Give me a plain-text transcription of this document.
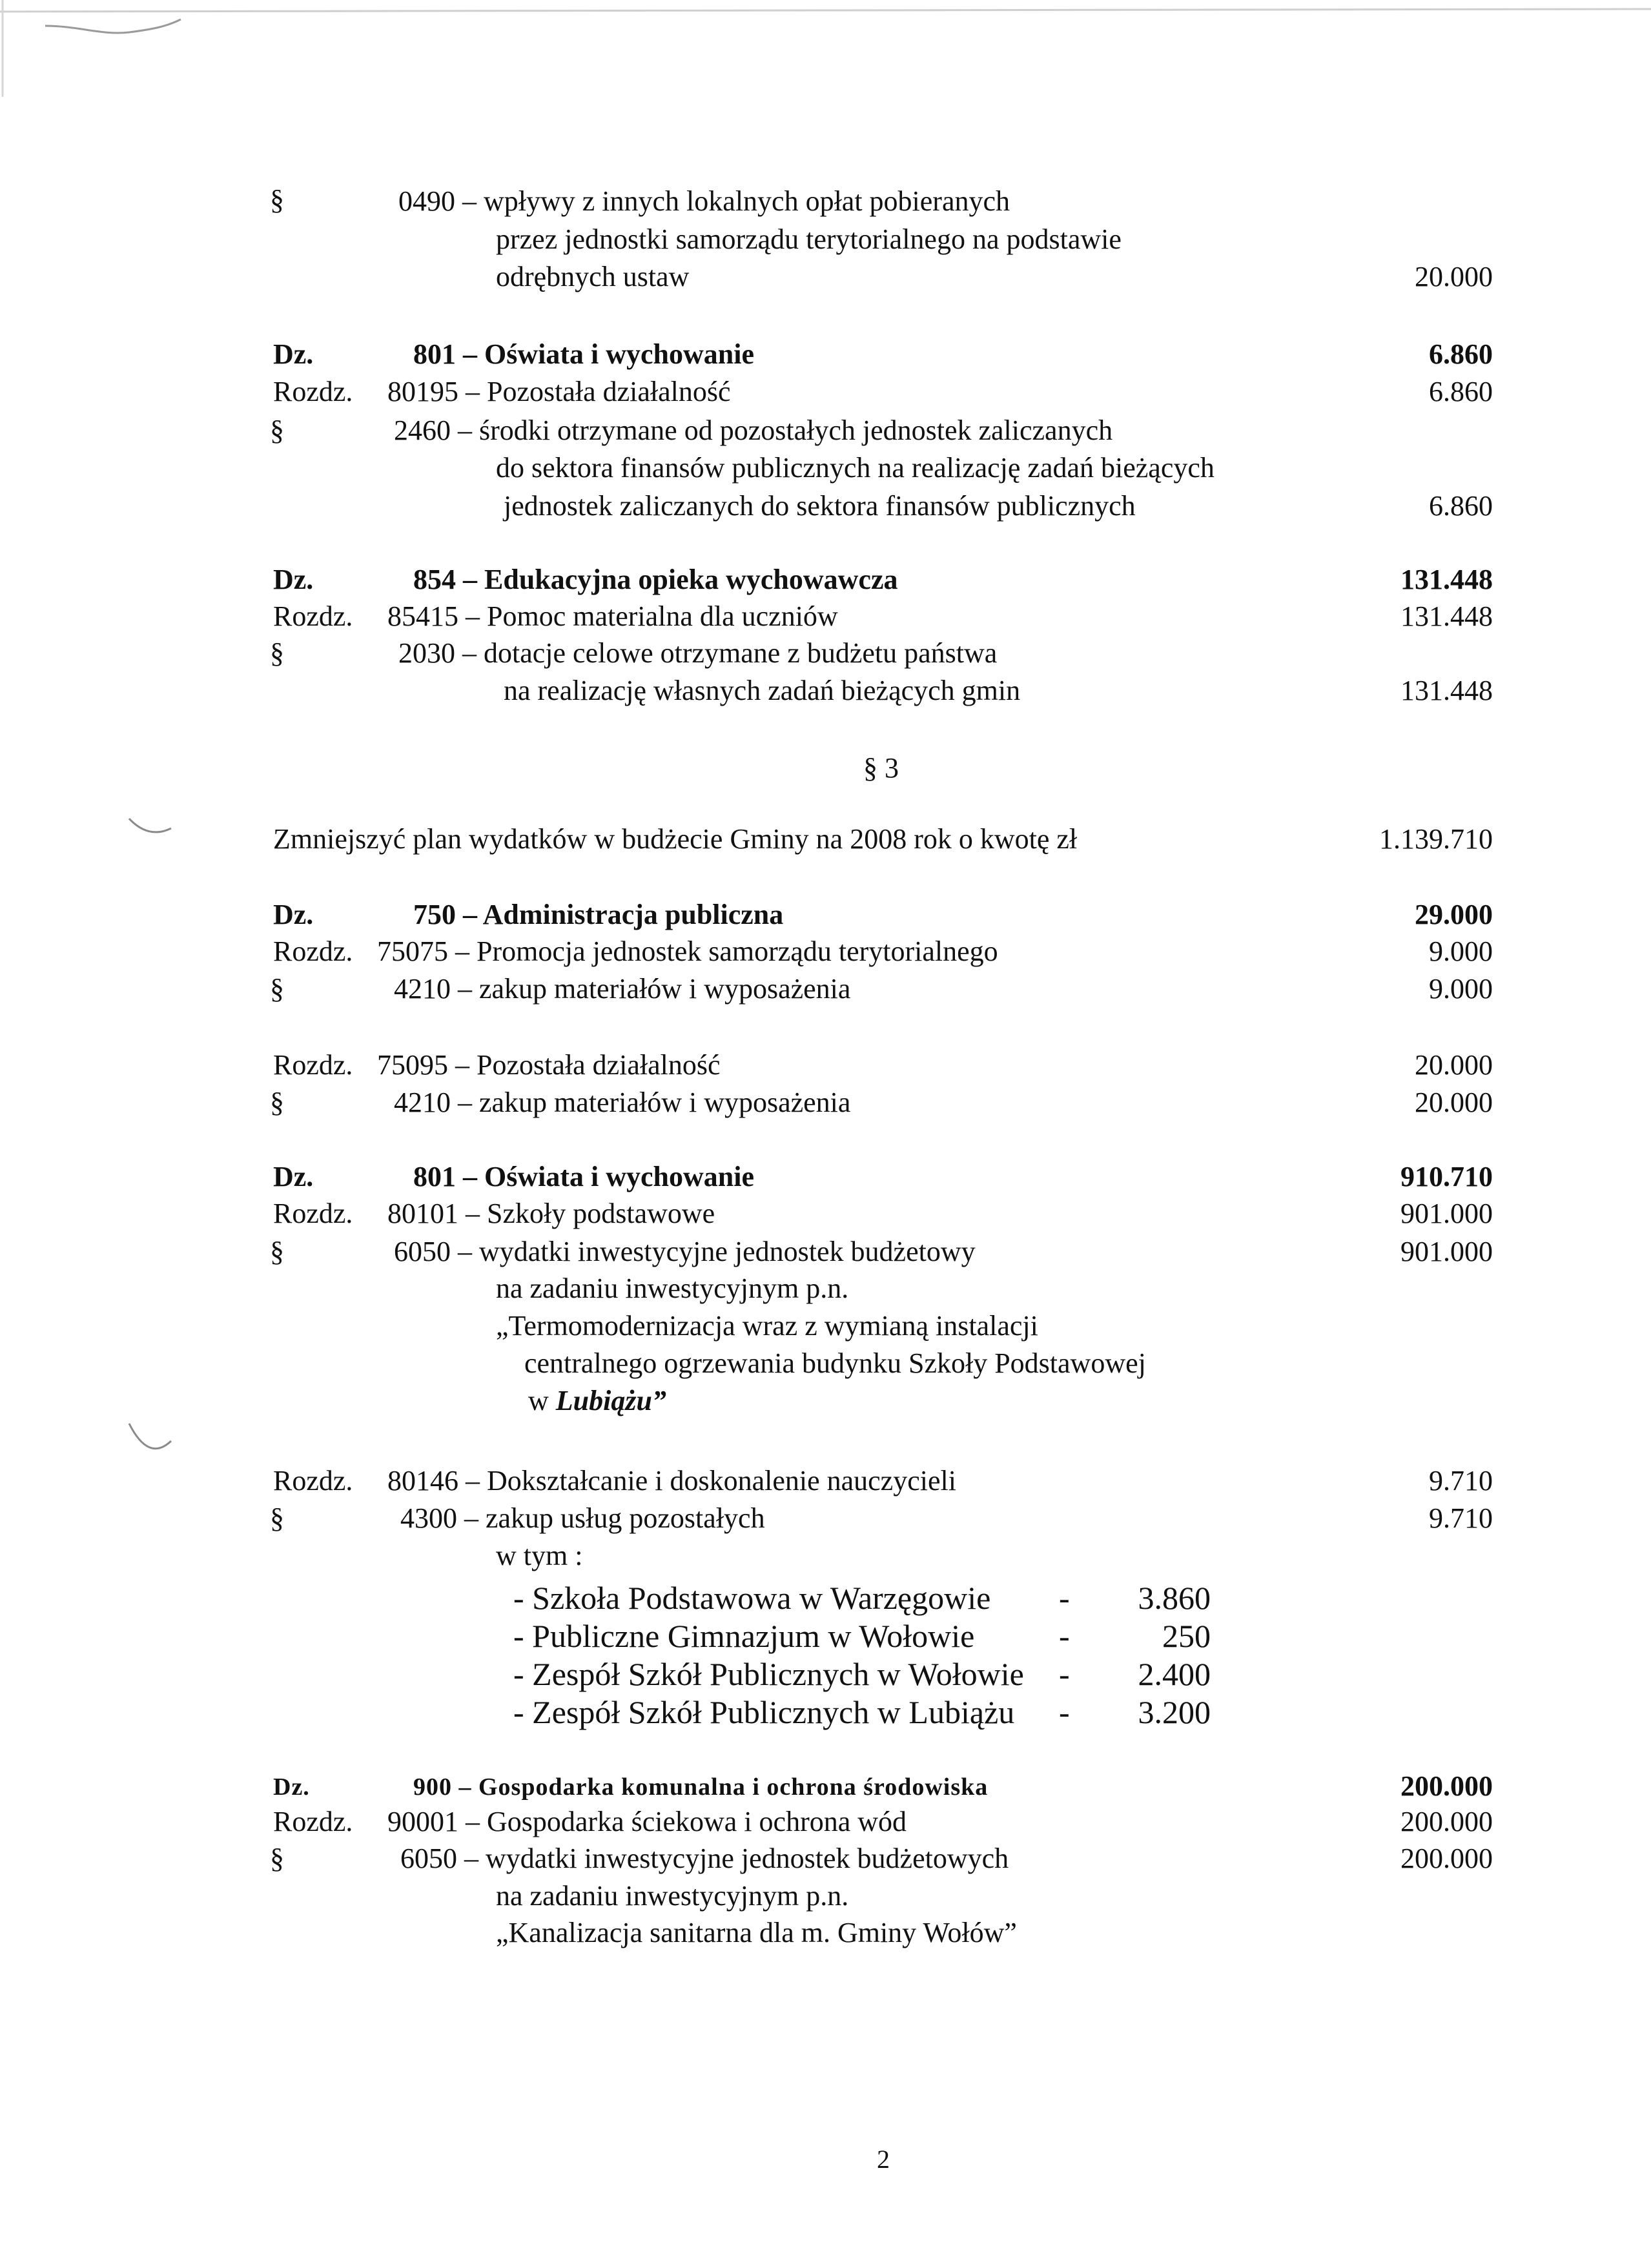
§	0490 – wpływy z innych lokalnych opłat pobieranych
przez jednostki samorządu terytorialnego na podstawie
odrębnych ustaw	20.000
Dz.	801 – Oświata i wychowanie	6.860
Rozdz. 80195 – Pozostała działalność	6.860
§	2460 – środki otrzymane od pozostałych jednostek zaliczanych
do sektora finansów publicznych na realizację zadań bieżących
jednostek zaliczanych do sektora finansów publicznych	6.860
Dz.	854 – Edukacyjna opieka wychowawcza	131.448
Rozdz. 85415 – Pomoc materialna dla uczniów	131.448
§	2030 – dotacje celowe otrzymane z budżetu państwa
na realizację własnych zadań bieżących gmin	131.448
§ 3
Zmniejszyć plan wydatków w budżecie Gminy na 2008 rok o kwotę zł	1.139.710
Dz.	750 – Administracja publiczna	29.000
Rozdz. 75075 – Promocja jednostek samorządu terytorialnego	9.000
§	4210 – zakup materiałów i wyposażenia	9.000
Rozdz. 75095 – Pozostała działalność	20.000
§	4210 – zakup materiałów i wyposażenia	20.000
Dz.	801 – Oświata i wychowanie	910.710
Rozdz. 80101 – Szkoły podstawowe	901.000
§	6050 – wydatki inwestycyjne jednostek budżetowy	901.000
na zadaniu inwestycyjnym p.n.
„Termomodernizacja wraz z wymianą instalacji
centralnego ogrzewania budynku Szkoły Podstawowej
w Lubiążu”
Rozdz. 80146 – Dokształcanie i doskonalenie nauczycieli	9.710
§	4300 – zakup usług pozostałych	9.710
w tym :
- Szkoła Podstawowa w Warzęgowie - 3.860
- Publiczne Gimnazjum w Wołowie	-	250
- Zespół Szkół Publicznych w Wołowie - 2.400
- Zespół Szkół Publicznych w Lubiążu - 3.200
Dz.	900 – Gospodarka komunalna i ochrona środowiska	200.000
Rozdz. 90001 – Gospodarka ściekowa i ochrona wód	200.000
§	6050 – wydatki inwestycyjne jednostek budżetowych	200.000
na zadaniu inwestycyjnym p.n.
„Kanalizacja sanitarna dla m. Gminy Wołów”
2
